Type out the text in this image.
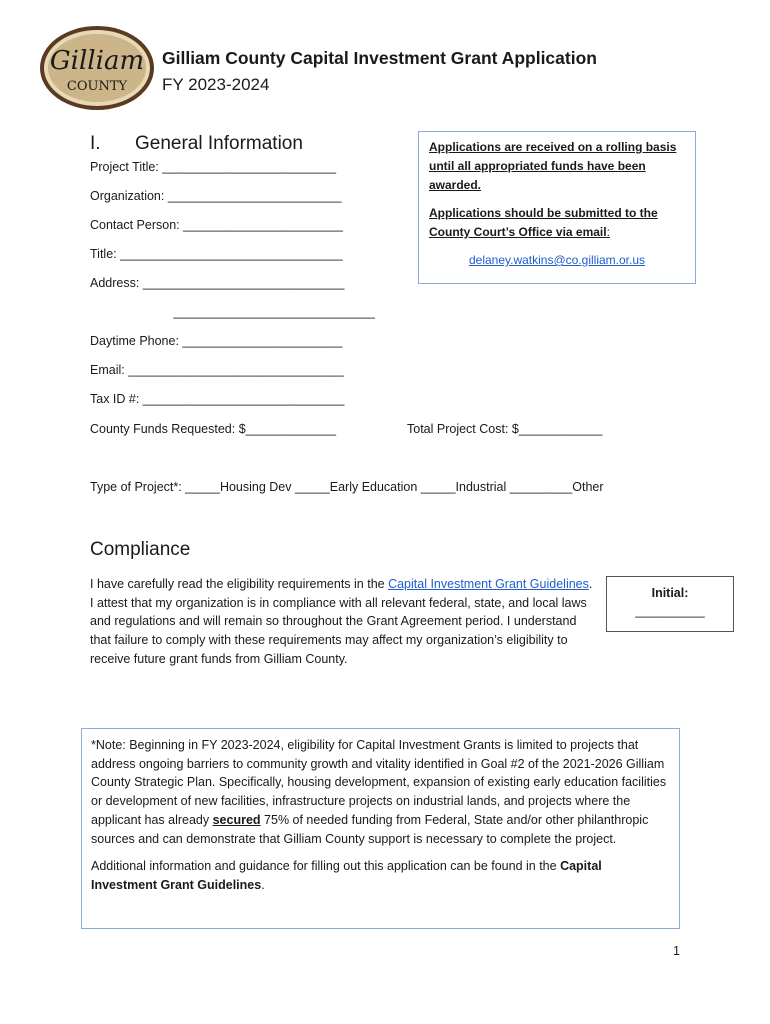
Gilliam
COUNTY
Gilliam County Capital Investment Grant Application
FY 2023-2024
I. General Information
Project Title: _________________________
Organization: _________________________
Contact Person: _______________________
Title: ________________________________
Address: _____________________________
_____________________________
Daytime Phone: _______________________
Email: _______________________________
Tax ID #: _____________________________
County Funds Requested: $_____________	Total Project Cost: $____________
Type of Project*: _____Housing Dev _____Early Education _____Industrial _________Other

Applications are received on a rolling basis until all appropriated funds have been awarded.

Applications should be submitted to the County Court’s Office via email:

delaney.watkins@co.gilliam.or.us
Compliance
I have carefully read the eligibility requirements in the Capital Investment Grant Guidelines. I attest that my organization is in compliance with all relevant federal, state, and local laws and regulations and will remain so throughout the Grant Agreement period. I understand that failure to comply with these requirements may affect my organization’s eligibility to receive future grant funds from Gilliam County.
Initial:
__________

*Note: Beginning in FY 2023-2024, eligibility for Capital Investment Grants is limited to projects that address ongoing barriers to community growth and vitality identified in Goal #2 of the 2021-2026 Gilliam County Strategic Plan. Specifically, housing development, expansion of existing early education facilities or development of new facilities, infrastructure projects on industrial lands, and projects where the applicant has already secured 75% of needed funding from Federal, State and/or other philanthropic sources and can demonstrate that Gilliam County support is necessary to complete the project.

Additional information and guidance for filling out this application can be found in the Capital Investment Grant Guidelines.

1
